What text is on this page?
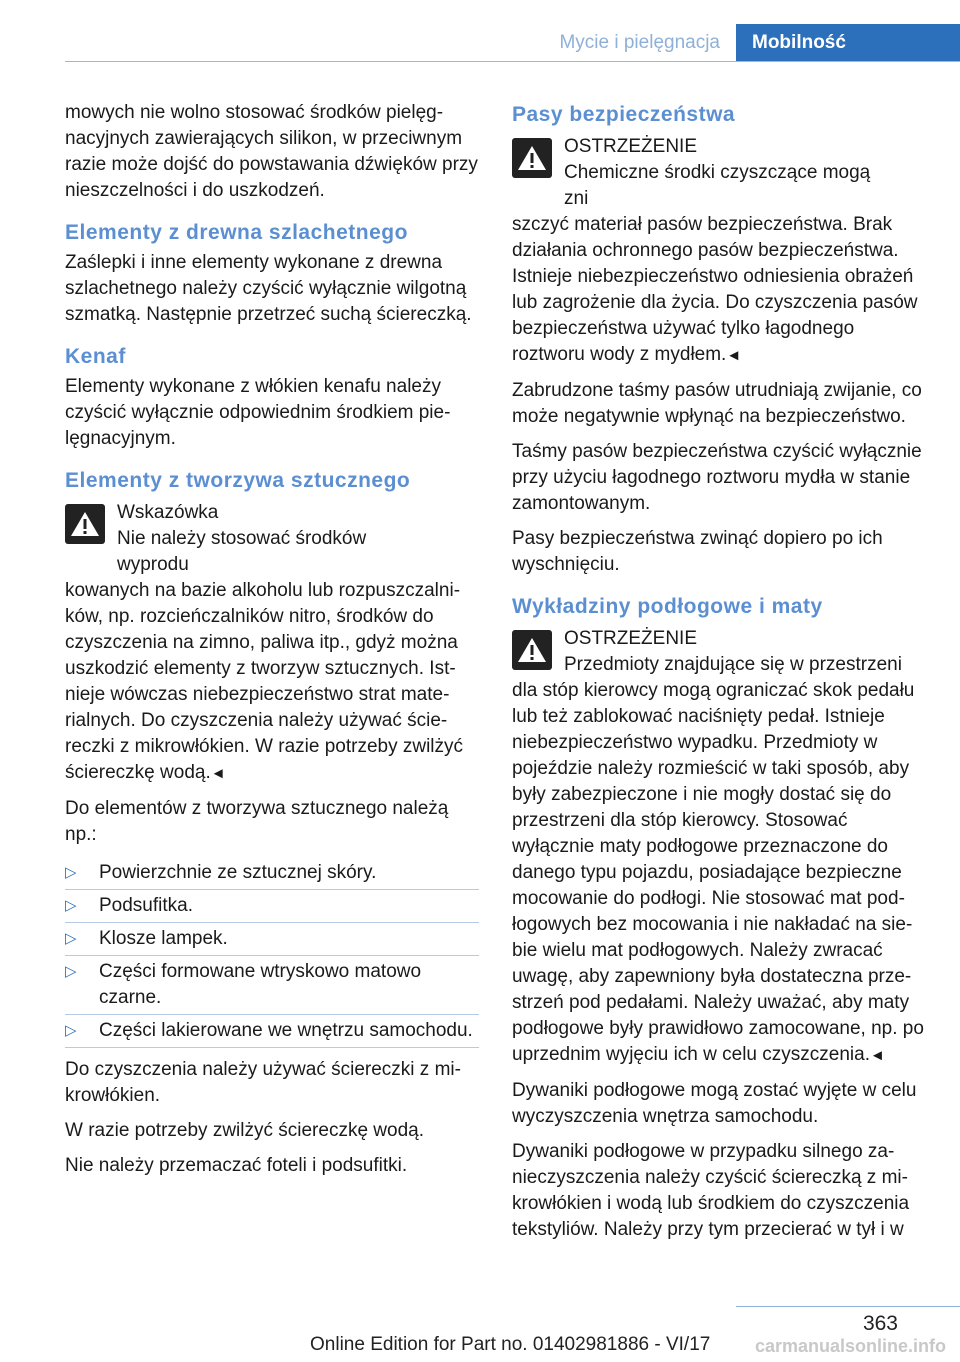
Mycie i pielęgnacja	Mobilność

mowych nie wolno stosować środków pielęgnacyjnych zawierających silikon, w przeciwnym razie może dojść do powstawania dźwięków przy nieszczelności i do uszkodzeń.

Elementy z drewna szlachetnego

Zaślepki i inne elementy wykonane z drewna szlachetnego należy czyścić wyłącznie wilgotną szmatką. Następnie przetrzeć suchą ściereczką.

Kenaf

Elementy wykonane z włókien kenafu należy czyścić wyłącznie odpowiednim środkiem pielęgnacyjnym.

Elementy z tworzywa sztucznego
Wskazówka
Nie należy stosować środków wyprodu
kowanych na bazie alkoholu lub rozpuszczalników, np. rozcieńczalników nitro, środków do czyszczenia na zimno, paliwa itp., gdyż można uszkodzić elementy z tworzyw sztucznych. Istnieje wówczas niebezpieczeństwo strat materialnych. Do czyszczenia należy używać ściereczki z mikrowłókien. W razie potrzeby zwilżyć ściereczkę wodą.◄

Do elementów z tworzywa sztucznego należą np.:

▷ Powierzchnie ze sztucznej skóry.
▷ Podsufitka.
▷ Klosze lampek.
▷ Części formowane wtryskowo matowo czarne.
▷ Części lakierowane we wnętrzu samochodu.

Do czyszczenia należy używać ściereczki z mikrowłókien.

W razie potrzeby zwilżyć ściereczkę wodą.

Nie należy przemaczać foteli i podsufitki.

Pasy bezpieczeństwa
OSTRZEŻENIE
Chemiczne środki czyszczące mogą zni
szczyć materiał pasów bezpieczeństwa. Brak działania ochronnego pasów bezpieczeństwa. Istnieje niebezpieczeństwo odniesienia obrażeń lub zagrożenie dla życia. Do czyszczenia pasów bezpieczeństwa używać tylko łagodnego roztworu wody z mydłem.◄

Zabrudzone taśmy pasów utrudniają zwijanie, co może negatywnie wpłynąć na bezpieczeństwo.

Taśmy pasów bezpieczeństwa czyścić wyłącznie przy użyciu łagodnego roztworu mydła w stanie zamontowanym.

Pasy bezpieczeństwa zwinąć dopiero po ich wyschnięciu.

Wykładziny podłogowe i maty
OSTRZEŻENIE
Przedmioty znajdujące się w przestrzeni
dla stóp kierowcy mogą ograniczać skok pedału lub też zablokować naciśnięty pedał. Istnieje niebezpieczeństwo wypadku. Przedmioty w pojeździe należy rozmieścić w taki sposób, aby były zabezpieczone i nie mogły dostać się do przestrzeni dla stóp kierowcy. Stosować wyłącznie maty podłogowe przeznaczone do danego typu pojazdu, posiadające bezpieczne mocowanie do podłogi. Nie stosować mat podłogowych bez mocowania i nie nakładać na siebie wielu mat podłogowych. Należy zwracać uwagę, aby zapewniony była dostateczna przestrzeń pod pedałami. Należy uważać, aby maty podłogowe były prawidłowo zamocowane, np. po uprzednim wyjęciu ich w celu czyszczenia.◄

Dywaniki podłogowe mogą zostać wyjęte w celu wyczyszczenia wnętrza samochodu.

Dywaniki podłogowe w przypadku silnego zanieczyszczenia należy czyścić ściereczką z mikrowłókien i wodą lub środkiem do czyszczenia tekstyliów. Należy przy tym przecierać w tył i w

363
Online Edition for Part no. 01402981886 - VI/17 carmanualsonline.info
